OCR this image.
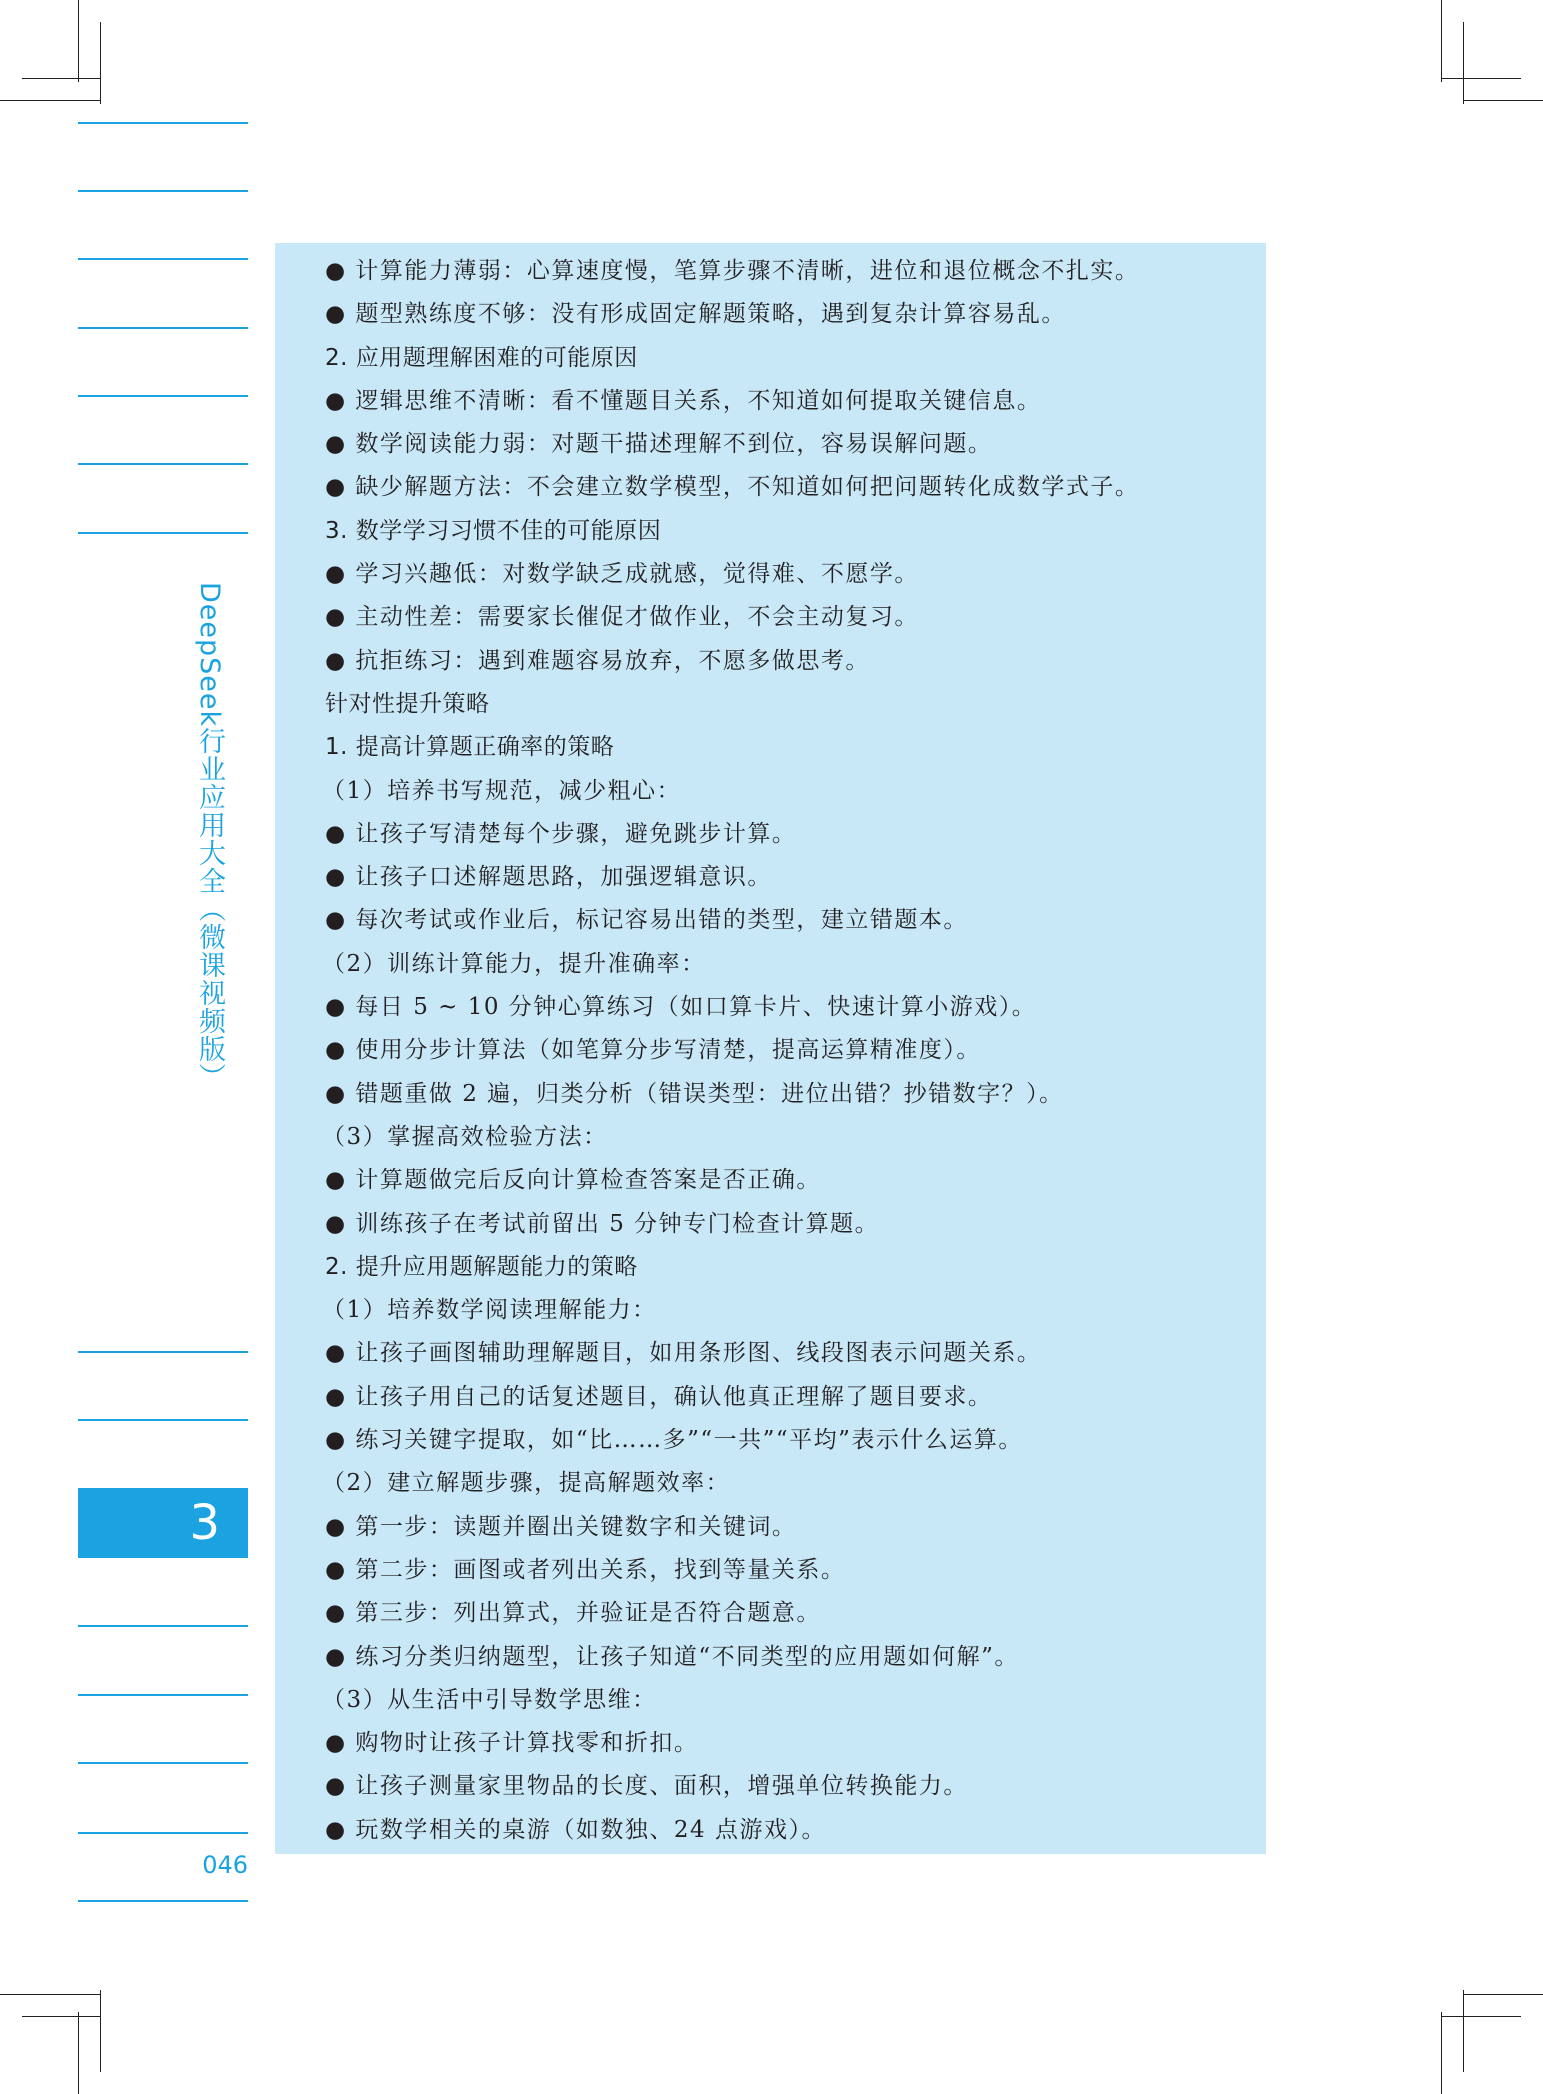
DeepSeek行业应用大全（微课视频版）
3
046
● 计算能力薄弱：心算速度慢，笔算步骤不清晰，进位和退位概念不扎实。
● 题型熟练度不够：没有形成固定解题策略，遇到复杂计算容易乱。
2. 应用题理解困难的可能原因
● 逻辑思维不清晰：看不懂题目关系，不知道如何提取关键信息。
● 数学阅读能力弱：对题干描述理解不到位，容易误解问题。
● 缺少解题方法：不会建立数学模型，不知道如何把问题转化成数学式子。
3. 数学学习习惯不佳的可能原因
● 学习兴趣低：对数学缺乏成就感，觉得难、不愿学。
● 主动性差：需要家长催促才做作业，不会主动复习。
● 抗拒练习：遇到难题容易放弃，不愿多做思考。
针对性提升策略
1. 提高计算题正确率的策略
（1）培养书写规范，减少粗心：
● 让孩子写清楚每个步骤，避免跳步计算。
● 让孩子口述解题思路，加强逻辑意识。
● 每次考试或作业后，标记容易出错的类型，建立错题本。
（2）训练计算能力，提升准确率：
● 每日 5 ~ 10 分钟心算练习（如口算卡片、快速计算小游戏）。
● 使用分步计算法（如笔算分步写清楚，提高运算精准度）。
● 错题重做 2 遍，归类分析（错误类型：进位出错？抄错数字？）。
（3）掌握高效检验方法：
● 计算题做完后反向计算检查答案是否正确。
● 训练孩子在考试前留出 5 分钟专门检查计算题。
2. 提升应用题解题能力的策略
（1）培养数学阅读理解能力：
● 让孩子画图辅助理解题目，如用条形图、线段图表示问题关系。
● 让孩子用自己的话复述题目，确认他真正理解了题目要求。
● 练习关键字提取，如“比……多”“一共”“平均”表示什么运算。
（2）建立解题步骤，提高解题效率：
● 第一步：读题并圈出关键数字和关键词。
● 第二步：画图或者列出关系，找到等量关系。
● 第三步：列出算式，并验证是否符合题意。
● 练习分类归纳题型，让孩子知道“不同类型的应用题如何解”。
（3）从生活中引导数学思维：
● 购物时让孩子计算找零和折扣。
● 让孩子测量家里物品的长度、面积，增强单位转换能力。
● 玩数学相关的桌游（如数独、24 点游戏）。
